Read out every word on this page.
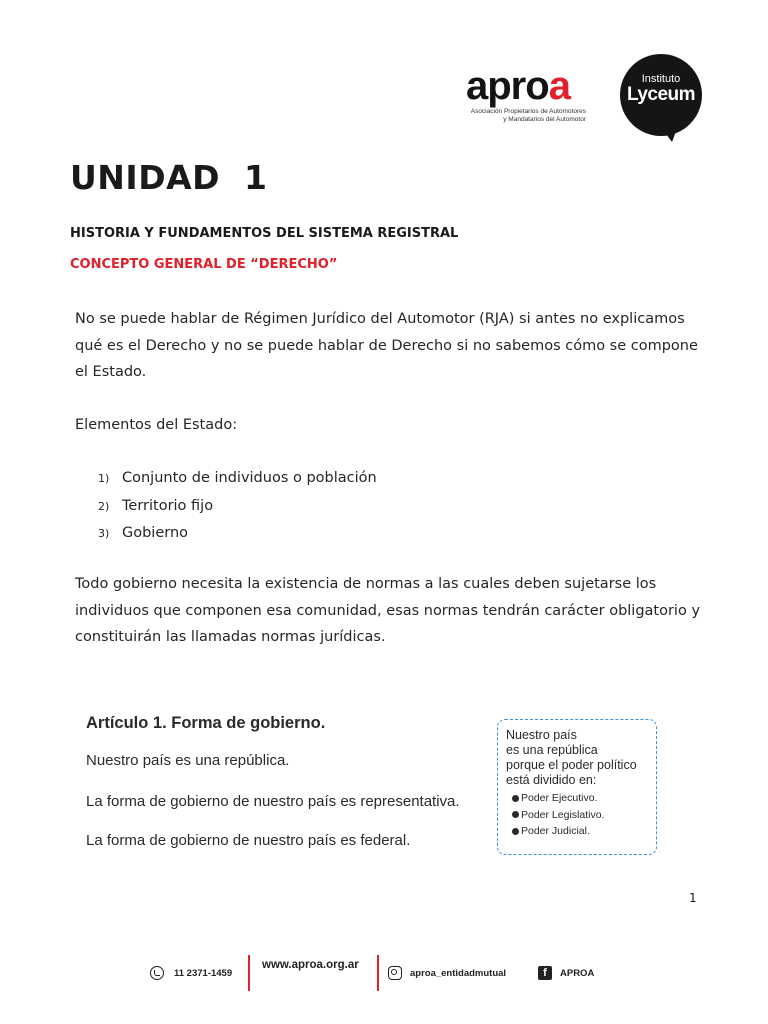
aproa
Asociación Propietarios de Automotores
y Mandatarios del Automotor
Instituto
Lyceum
UNIDAD  1
HISTORIA Y FUNDAMENTOS DEL SISTEMA REGISTRAL
CONCEPTO GENERAL DE “DERECHO”
No se puede hablar de Régimen Jurídico del Automotor (RJA) si antes no explicamos qué es el Derecho y no se puede hablar de Derecho si no sabemos cómo se compone el Estado.
Elementos del Estado:
1) Conjunto de individuos o población
2) Territorio fijo
3) Gobierno
Todo gobierno necesita la existencia de normas a las cuales deben sujetarse los individuos que componen esa comunidad, esas normas tendrán carácter obligatorio y constituirán las llamadas normas jurídicas.
Artículo 1. Forma de gobierno.
Nuestro país es una república.
La forma de gobierno de nuestro país es representativa.
La forma de gobierno de nuestro país es federal.
Nuestro país
es una república
porque el poder político
está dividido en:
Poder Ejecutivo.
Poder Legislativo.
Poder Judicial.
1
11 2371-1459
www.aproa.org.ar
aproa_entidadmutual	f	APROA
